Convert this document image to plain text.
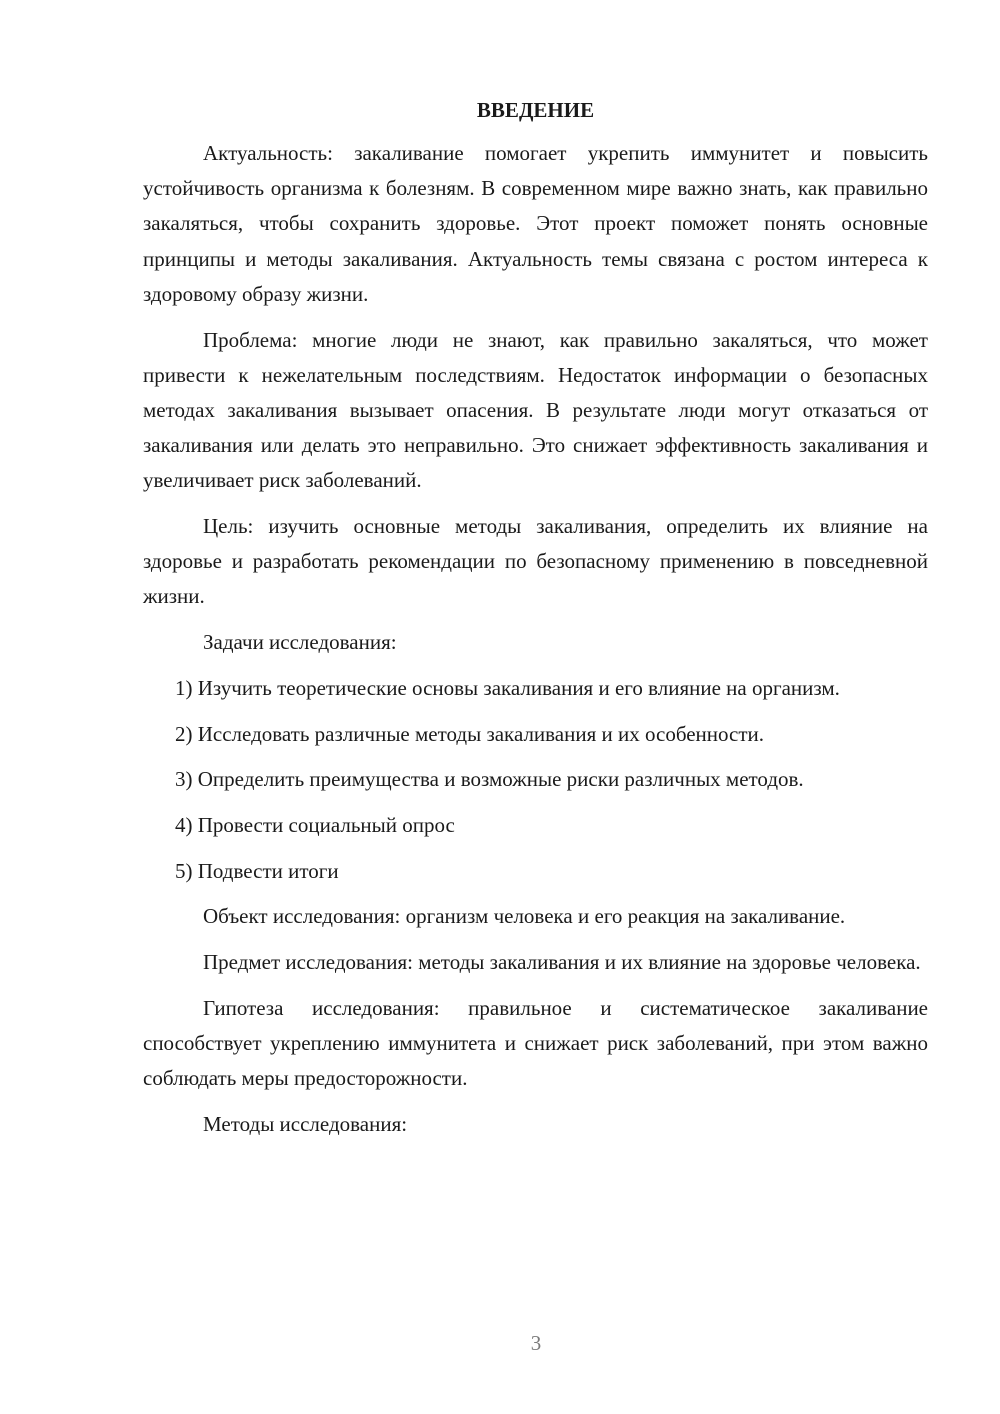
ВВЕДЕНИЕ

Актуальность: закаливание помогает укрепить иммунитет и повысить устойчивость организма к болезням. В современном мире важно знать, как правильно закаляться, чтобы сохранить здоровье. Этот проект поможет понять основные принципы и методы закаливания. Актуальность темы связана с ростом интереса к здоровому образу жизни.

Проблема: многие люди не знают, как правильно закаляться, что может привести к нежелательным последствиям. Недостаток информации о безопасных методах закаливания вызывает опасения. В результате люди могут отказаться от закаливания или делать это неправильно. Это снижает эффективность закаливания и увеличивает риск заболеваний.

Цель: изучить основные методы закаливания, определить их влияние на здоровье и разработать рекомендации по безопасному применению в повседневной жизни.

Задачи исследования:

1) Изучить теоретические основы закаливания и его влияние на организм.

2) Исследовать различные методы закаливания и их особенности.

3) Определить преимущества и возможные риски различных методов.

4) Провести социальный опрос

5) Подвести итоги

Объект исследования: организм человека и его реакция на закаливание.

Предмет исследования: методы закаливания и их влияние на здоровье человека.

Гипотеза исследования: правильное и систематическое закаливание способствует укреплению иммунитета и снижает риск заболеваний, при этом важно соблюдать меры предосторожности.

Методы исследования:

3
